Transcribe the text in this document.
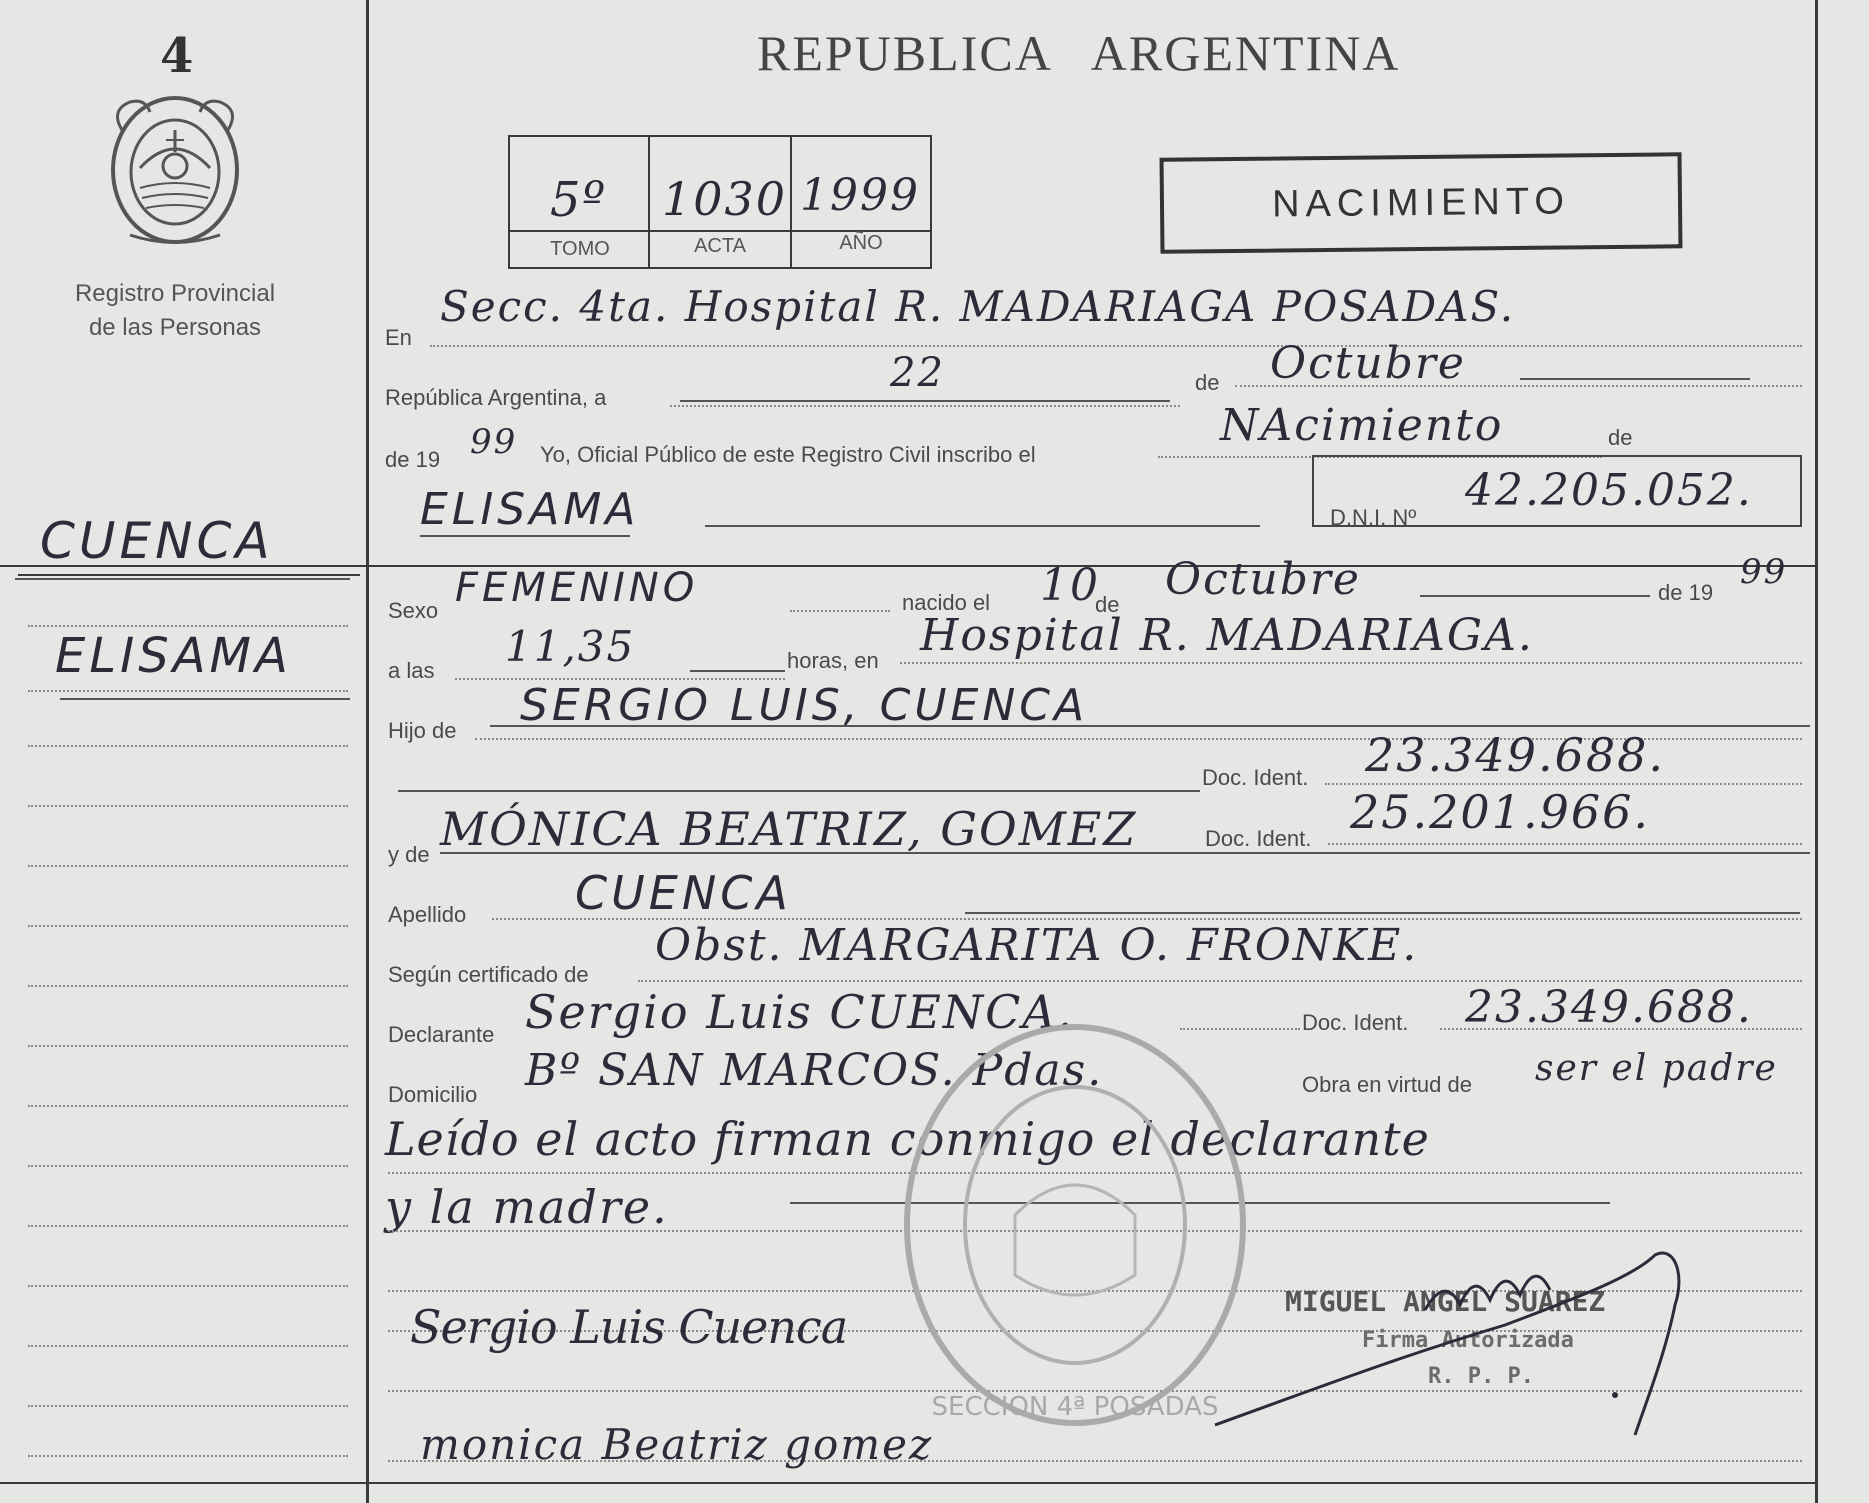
4
Registro Provincial
de las Personas
CUENCA
ELISAMA
REPUBLICA   ARGENTINA
5º 1030 1999
TOMO	ACTA	AÑO
NACIMIENTO
En
Secc. 4ta. Hospital R. MADARIAGA POSADAS.
República Argentina, a
22	de Octubre
de 19 99 Yo, Oficial Público de este Registro Civil inscribo el
NAcimiento	de
ELISAMA	D.N.I. Nº
42.205.052.
Sexo FEMENINO	nacido el 10
de Octubre	de 19
99
a las 11,35	horas, en Hospital R. MADARIAGA.
Hijo de SERGIO LUIS, CUENCA
Doc. Ident. 23.349.688.
y de MÓNICA BEATRIZ, GOMEZ	Doc. Ident. 25.201.966.
Apellido CUENCA
Según certificado de
Obst. MARGARITA O. FRONKE.
Declarante Sergio Luis CUENCA.	Doc. Ident. 23.349.688.
Domicilio Bº SAN MARCOS. Pdas.	Obra en virtud de ser el padre
Leído el acto firman conmigo el declarante
y la madre.
SECCION 4ª POSADAS
Sergio Luis Cuenca
monica Beatriz gomez
MIGUEL ANGEL SUAREZ
Firma Autorizada
R. P. P.
